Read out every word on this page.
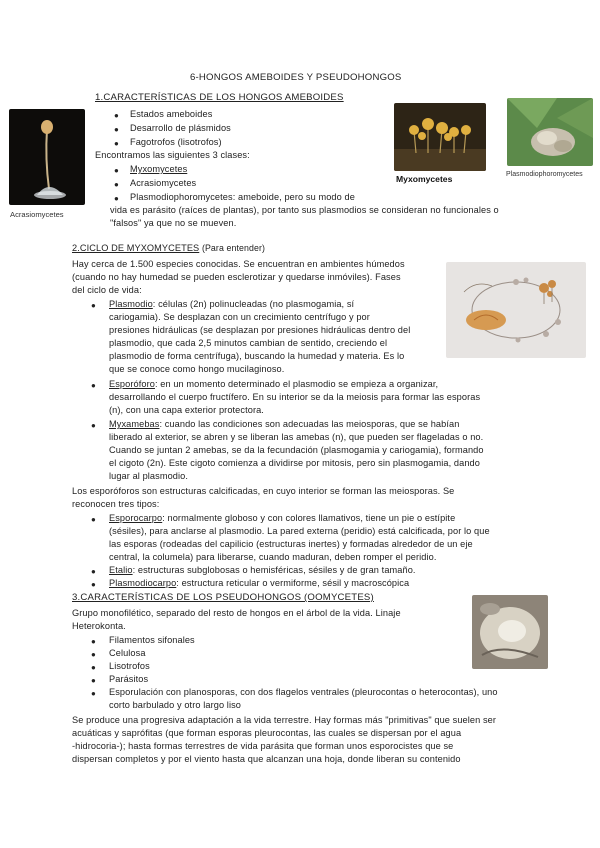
6-HONGOS AMEBOIDES Y PSEUDOHONGOS
Acrasiomycetes
1.CARACTERÍSTICAS DE LOS HONGOS AMEBOIDES
● Estados ameboides
● Desarrollo de plásmidos
● Fagotrofos (lisotrofos)
Encontramos las siguientes 3 clases:
● Myxomycetes
● Acrasiomycetes
● Plasmodiophoromycetes: ameboide, pero su modo de
vida es parásito (raíces de plantas), por tanto sus plasmodios se consideran no funcionales o
"falsos" ya que no se mueven.
Myxomycetes	Plasmodiophoromycetes
2.CICLO DE MYXOMYCETES (Para entender)
Hay cerca de 1.500 especies conocidas. Se encuentran en ambientes húmedos
(cuando no hay humedad se pueden esclerotizar y quedarse inmóviles). Fases
del ciclo de vida:
● Plasmodio: células (2n) polinucleadas (no plasmogamia, sí
cariogamia). Se desplazan con un crecimiento centrífugo y por
presiones hidráulicas (se desplazan por presiones hidráulicas dentro del
plasmodio, que cada 2,5 minutos cambian de sentido, creciendo el
plasmodio de forma centrífuga), buscando la humedad y materia. Es lo
que se conoce como hongo mucilaginoso.
● Esporóforo: en un momento determinado el plasmodio se empieza a organizar,
desarrollando el cuerpo fructífero. En su interior se da la meiosis para formar las esporas
(n), con una capa exterior protectora.
● Myxamebas: cuando las condiciones son adecuadas las meiosporas, que se habían
liberado al exterior, se abren y se liberan las amebas (n), que pueden ser flageladas o no.
Cuando se juntan 2 amebas, se da la fecundación (plasmogamia y cariogamia), formando
el cigoto (2n). Este cigoto comienza a dividirse por mitosis, pero sin plasmogamia, dando
lugar al plasmodio.
Los esporóforos son estructuras calcificadas, en cuyo interior se forman las meiosporas. Se
reconocen tres tipos:
● Esporocarpo: normalmente globoso y con colores llamativos, tiene un pie o estípite
(sésiles), para anclarse al plasmodio. La pared externa (peridio) está calcificada, por lo que
las esporas (rodeadas del capilicio (estructuras inertes) y formadas alrededor de un eje
central, la columela) para liberarse, cuando maduran, deben romper el peridio.
● Etalio: estructuras subglobosas o hemisféricas, sésiles y de gran tamaño.
● Plasmodiocarpo: estructura reticular o vermiforme, sésil y macroscópica
3.CARACTERÍSTICAS DE LOS PSEUDOHONGOS (OOMYCETES)
Grupo monofilético, separado del resto de hongos en el árbol de la vida. Linaje
Heterokonta.
● Filamentos sifonales
● Celulosa
● Lisotrofos
● Parásitos
● Esporulación con planosporas, con dos flagelos ventrales (pleurocontas o heterocontas), uno
corto barbulado y otro largo liso
Se produce una progresiva adaptación a la vida terrestre. Hay formas más "primitivas" que suelen ser
acuáticas y saprófitas (que forman esporas pleurocontas, las cuales se dispersan por el agua
-hidrocoria-); hasta formas terrestres de vida parásita que forman unos esporocistes que se
dispersan completos y por el viento hasta que alcanzan una hoja, donde liberan su contenido
